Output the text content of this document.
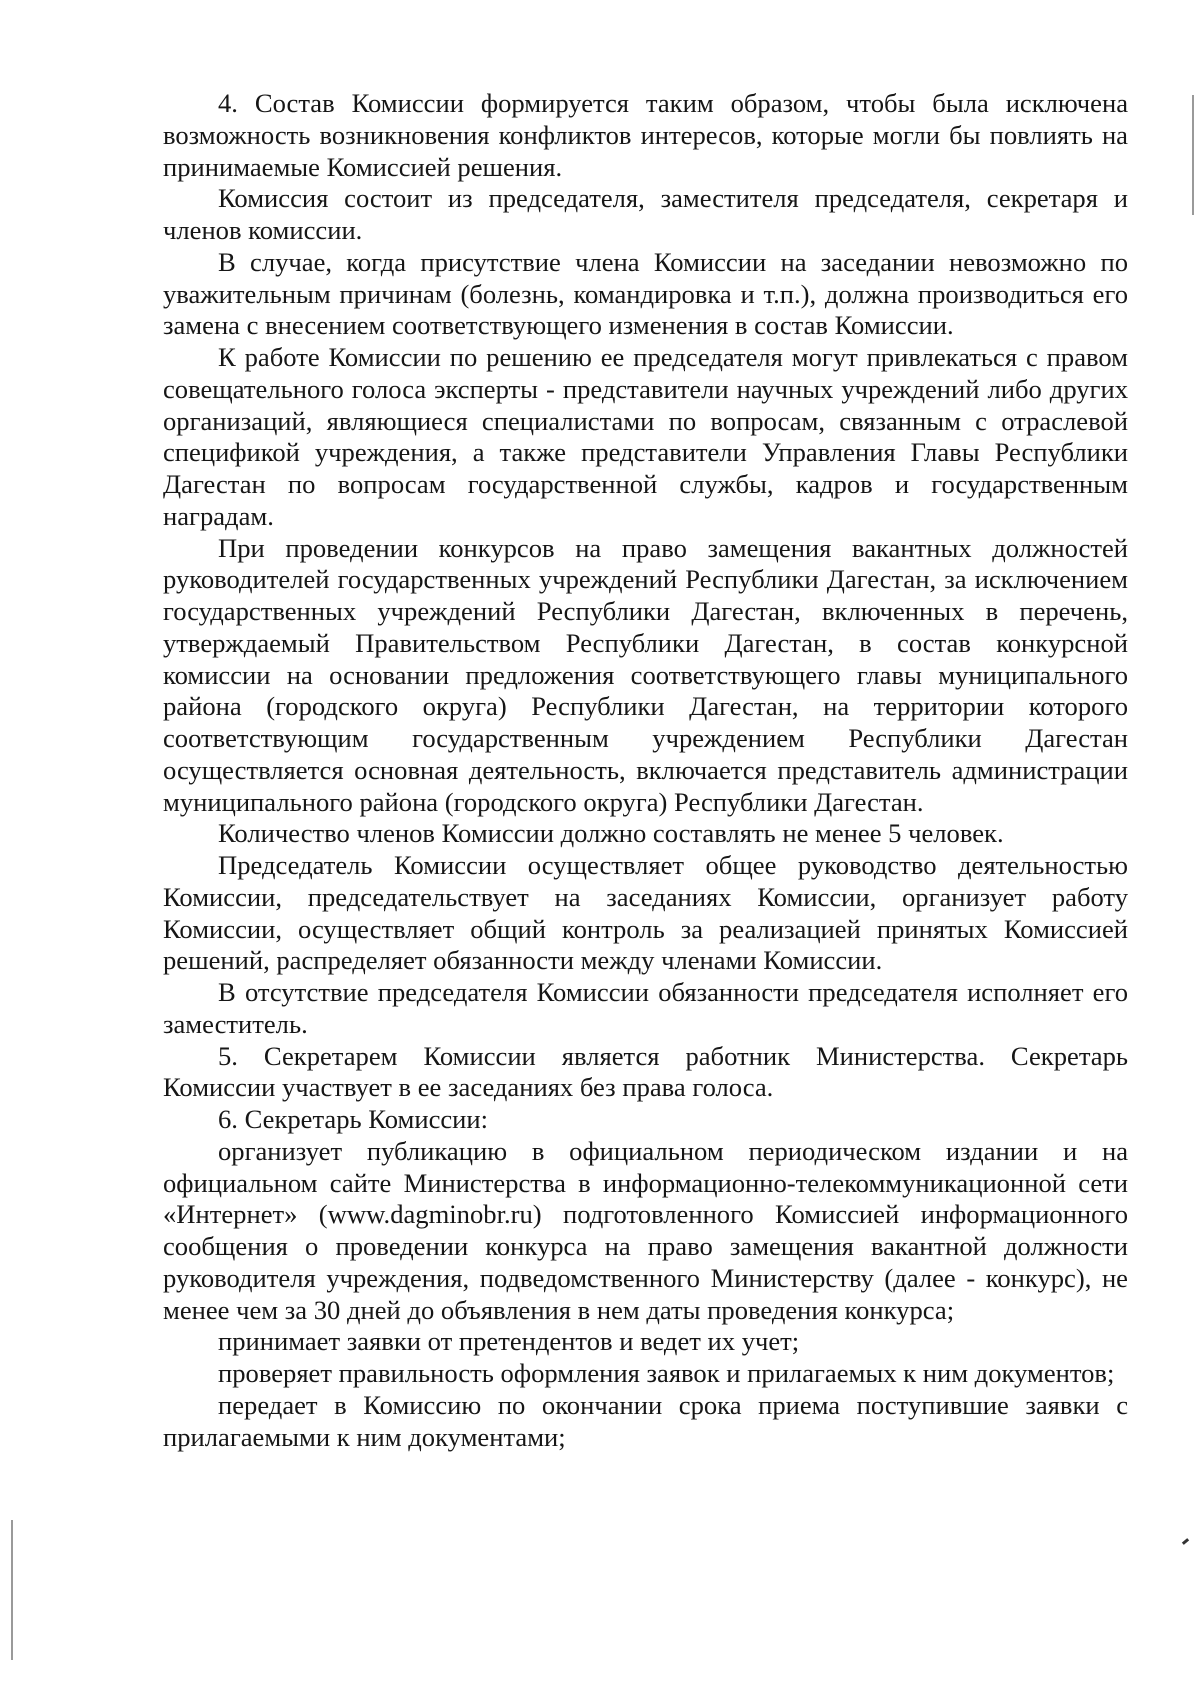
4. Состав Комиссии формируется таким образом, чтобы была исключена возможность возникновения конфликтов интересов, которые могли бы повлиять на принимаемые Комиссией решения.

Комиссия состоит из председателя, заместителя председателя, секретаря и членов комиссии.

В случае, когда присутствие члена Комиссии на заседании невозможно по уважительным причинам (болезнь, командировка и т.п.), должна производиться его замена с внесением соответствующего изменения в состав Комиссии.

К работе Комиссии по решению ее председателя могут привлекаться с правом совещательного голоса эксперты - представители научных учреждений либо других организаций, являющиеся специалистами по вопросам, связанным с отраслевой спецификой учреждения, а также представители Управления Главы Республики Дагестан по вопросам государственной службы, кадров и государственным наградам.

При проведении конкурсов на право замещения вакантных должностей руководителей государственных учреждений Республики Дагестан, за исключением государственных учреждений Республики Дагестан, включенных в перечень, утверждаемый Правительством Республики Дагестан, в состав конкурсной комиссии на основании предложения соответствующего главы муниципального района (городского округа) Республики Дагестан, на территории которого соответствующим государственным учреждением Республики Дагестан осуществляется основная деятельность, включается представитель администрации муниципального района (городского округа) Республики Дагестан.

Количество членов Комиссии должно составлять не менее 5 человек.

Председатель Комиссии осуществляет общее руководство деятельностью Комиссии, председательствует на заседаниях Комиссии, организует работу Комиссии, осуществляет общий контроль за реализацией принятых Комиссией решений, распределяет обязанности между членами Комиссии.

В отсутствие председателя Комиссии обязанности председателя исполняет его заместитель.

5. Секретарем Комиссии является работник Министерства. Секретарь Комиссии участвует в ее заседаниях без права голоса.

6. Секретарь Комиссии:

организует публикацию в официальном периодическом издании и на официальном сайте Министерства в информационно-телекоммуникационной сети «Интернет» (www.dagminobr.ru) подготовленного Комиссией информационного сообщения о проведении конкурса на право замещения вакантной должности руководителя учреждения, подведомственного Министерству (далее - конкурс), не менее чем за 30 дней до объявления в нем даты проведения конкурса;

принимает заявки от претендентов и ведет их учет;

проверяет правильность оформления заявок и прилагаемых к ним документов;

передает в Комиссию по окончании срока приема поступившие заявки с прилагаемыми к ним документами;
